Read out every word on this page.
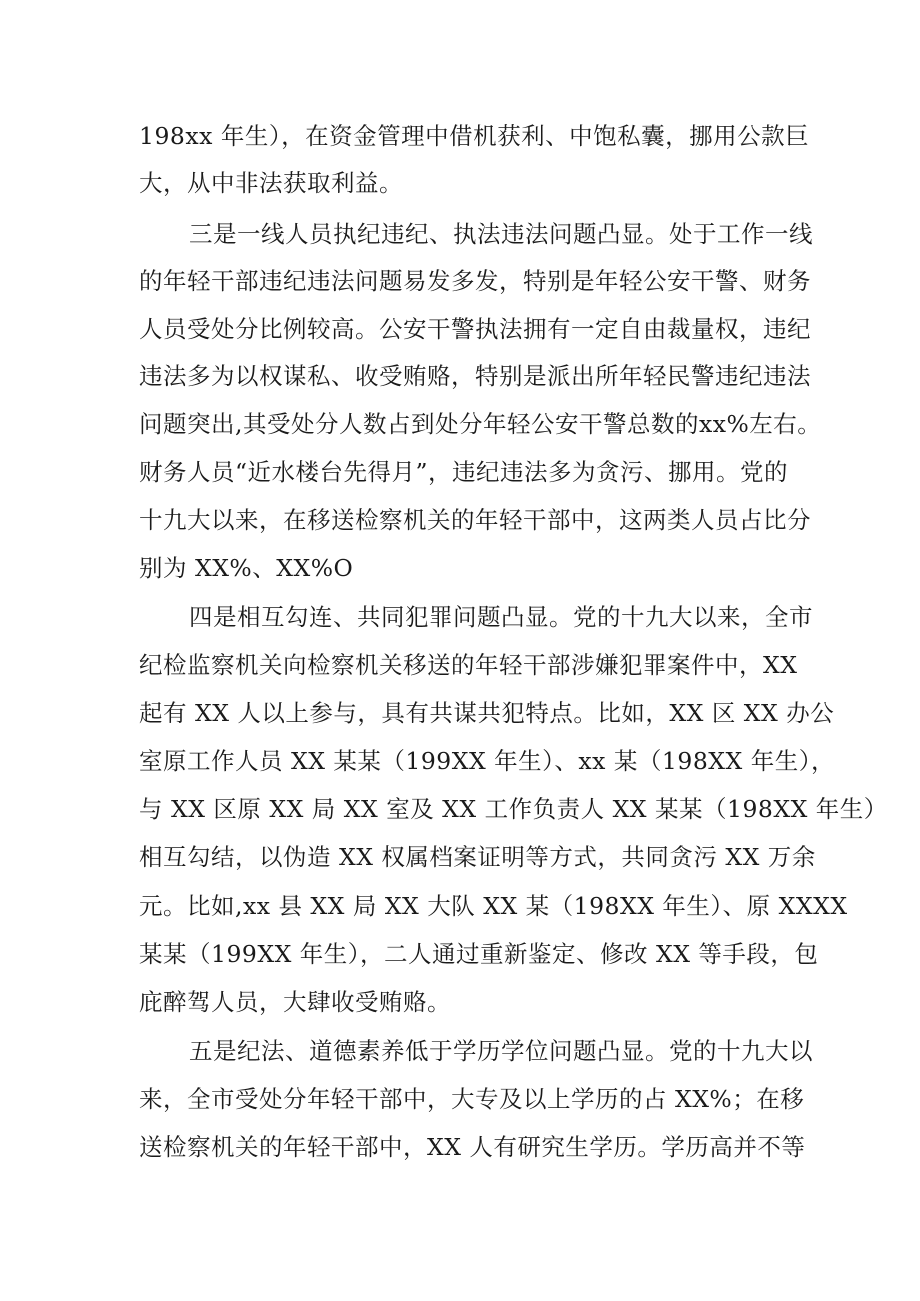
198xx 年生），在资金管理中借机获利、中饱私囊，挪用公款巨
大，从中非法获取利益。
三是一线人员执纪违纪、执法违法问题凸显。处于工作一线
的年轻干部违纪违法问题易发多发，特别是年轻公安干警、财务
人员受处分比例较高。公安干警执法拥有一定自由裁量权，违纪
违法多为以权谋私、收受贿赂，特别是派出所年轻民警违纪违法
问题突出,其受处分人数占到处分年轻公安干警总数的xx%左右。
财务人员“近水楼台先得月”，违纪违法多为贪污、挪用。党的
十九大以来，在移送检察机关的年轻干部中，这两类人员占比分
别为 XX%、XX%O
四是相互勾连、共同犯罪问题凸显。党的十九大以来，全市
纪检监察机关向检察机关移送的年轻干部涉嫌犯罪案件中，XX
起有 XX 人以上参与，具有共谋共犯特点。比如，XX 区 XX 办公
室原工作人员 XX 某某（199XX 年生）、xx 某（198XX 年生），
与 XX 区原 XX 局 XX 室及 XX 工作负责人 XX 某某（198XX 年生）
相互勾结，以伪造 XX 权属档案证明等方式，共同贪污 XX 万余
元。比如,xx 县 XX 局 XX 大队 XX 某（198XX 年生）、原 XXXX
某某（199XX 年生），二人通过重新鉴定、修改 XX 等手段，包
庇醉驾人员，大肆收受贿赂。
五是纪法、道德素养低于学历学位问题凸显。党的十九大以
来，全市受处分年轻干部中，大专及以上学历的占 XX%；在移
送检察机关的年轻干部中，XX 人有研究生学历。学历高并不等
